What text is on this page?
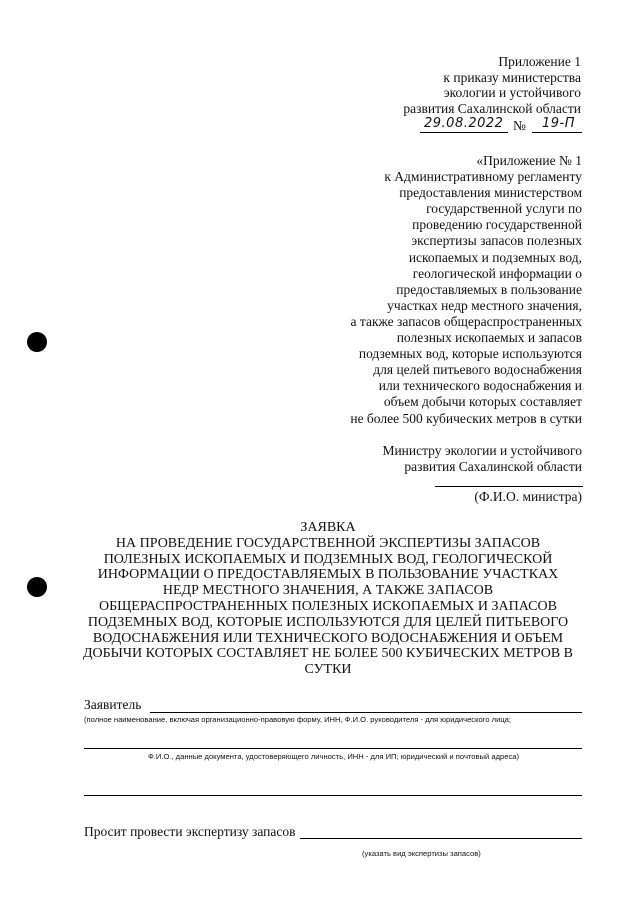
Приложение 1
к приказу министерства
экологии и устойчивого
развития Сахалинской области
29.08.2022 № 19-П
«Приложение № 1
к Административному регламенту
предоставления министерством
государственной услуги по
проведению государственной
экспертизы запасов полезных
ископаемых и подземных вод,
геологической информации о
предоставляемых в пользование
участках недр местного значения,
а также запасов общераспространенных
полезных ископаемых и запасов
подземных вод, которые используются
для целей питьевого водоснабжения
или технического водоснабжения и
объем добычи которых составляет
не более 500 кубических метров в сутки
Министру экологии и устойчивого
развития Сахалинской области
(Ф.И.О. министра)
ЗАЯВКА
НА ПРОВЕДЕНИЕ ГОСУДАРСТВЕННОЙ ЭКСПЕРТИЗЫ ЗАПАСОВ
ПОЛЕЗНЫХ ИСКОПАЕМЫХ И ПОДЗЕМНЫХ ВОД, ГЕОЛОГИЧЕСКОЙ
ИНФОРМАЦИИ О ПРЕДОСТАВЛЯЕМЫХ В ПОЛЬЗОВАНИЕ УЧАСТКАХ
НЕДР МЕСТНОГО ЗНАЧЕНИЯ, А ТАКЖЕ ЗАПАСОВ
ОБЩЕРАСПРОСТРАНЕННЫХ ПОЛЕЗНЫХ ИСКОПАЕМЫХ И ЗАПАСОВ
ПОДЗЕМНЫХ ВОД, КОТОРЫЕ ИСПОЛЬЗУЮТСЯ ДЛЯ ЦЕЛЕЙ ПИТЬЕВОГО
ВОДОСНАБЖЕНИЯ ИЛИ ТЕХНИЧЕСКОГО ВОДОСНАБЖЕНИЯ И ОБЪЕМ
ДОБЫЧИ КОТОРЫХ СОСТАВЛЯЕТ НЕ БОЛЕЕ 500 КУБИЧЕСКИХ МЕТРОВ В
СУТКИ
Заявитель
(полное наименование, включая организационно-правовую форму, ИНН, Ф.И.О. руководителя - для юридического лица;
Ф.И.О., данные документа, удостоверяющего личность, ИНН - для ИП; юридический и почтовый адреса)
Просит провести экспертизу запасов
(указать вид экспертизы запасов)
